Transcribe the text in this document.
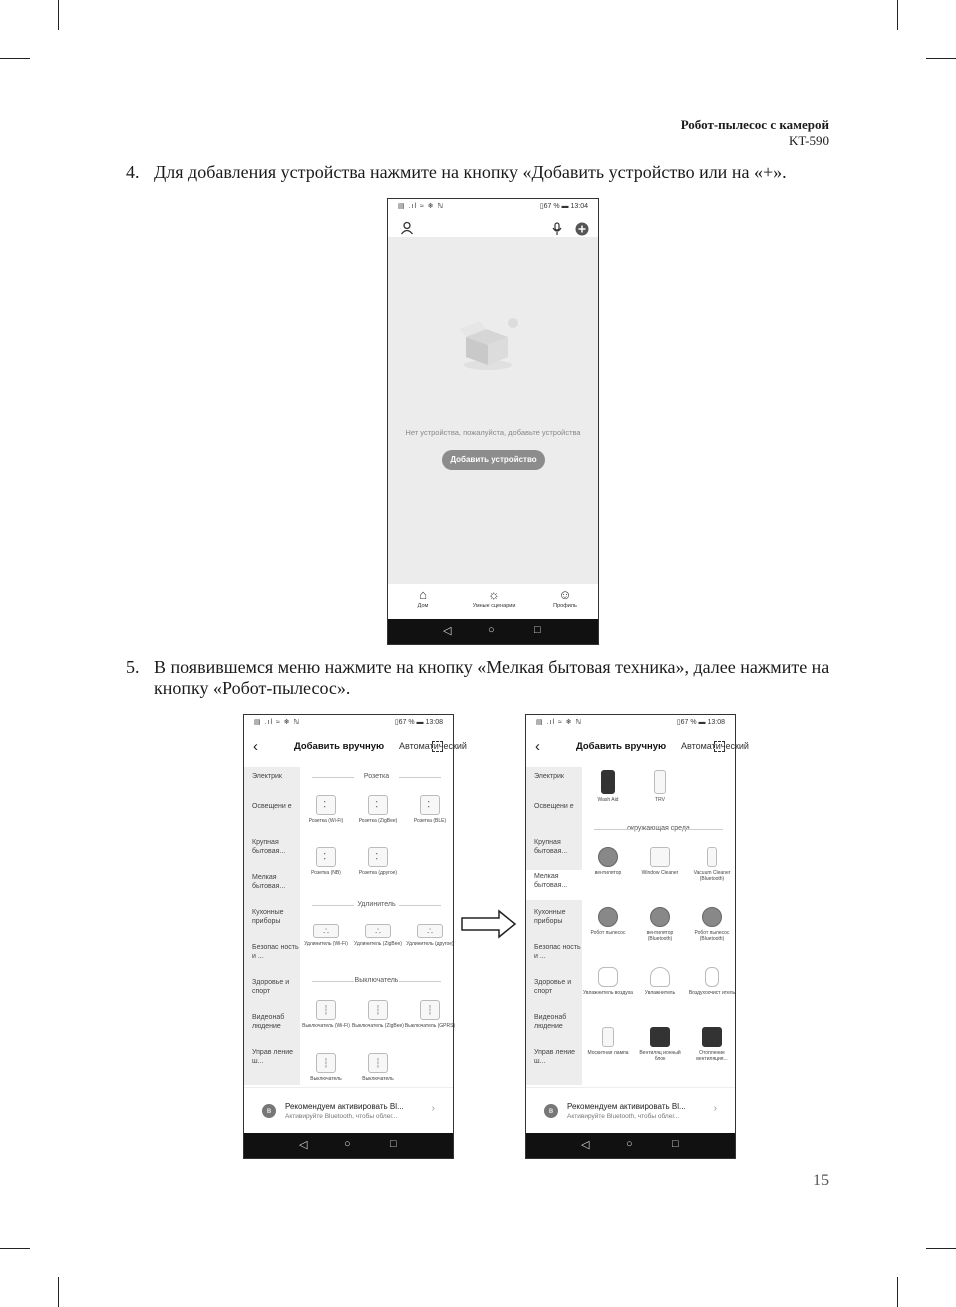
Робот-пылесос с камерой
KT-590
4. Для добавления устройства нажмите на кнопку «Добавить устройство или на «+».
▤ .ıl ≈ ❄ ℕ	▯67 % ▬ 13:04
Нет устройства, пожалуйста, добавьте устройства
Добавить устройство
⌂
Дом
☼
Умные сценарии
☺
Профиль
◁	○	□
5. В появившемся меню нажмите на кнопку «Мелкая бытовая техника», далее нажмите на кнопку «Робот-пылесос».
▤ .ıl ≈ ❄ ℕ	▯67 % ▬ 13:08
‹	Добавить вручную Автоматический
Электрик
Освещени е
Крупная бытовая...
Мелкая бытовая...
Кухонные приборы
Безопас ность и ...
Здоровье и спорт
Видеонаб людение
Управ ление ш...
Розетка
⠅
Розетка (Wi-Fi)
⠅
Розетка (ZigBee)
⠅
Розетка (BLE)
⠅
Розетка (NB)
⠅
Розетка (другое)
Удлинитель
∴
Удлинитель (Wi-Fi)
∴
Удлинитель (ZigBee)
∴
Удлинитель (другое)
Выключатель
┆
Выключатель (Wi-Fi)
┆
Выключатель (ZigBee)
┆
Выключатель (GPRS)
┆
Выключатель
┆
Выключатель
ʙ	Рекомендуем активировать Bl...
Активируйте Bluetooth, чтобы облег...
›
◁	○	□
▤ .ıl ≈ ❄ ℕ	▯67 % ▬ 13:08
‹	Добавить вручную Автоматический
Электрик
Освещени е
Крупная бытовая...
Мелкая бытовая...
Кухонные приборы
Безопас ность и ...
Здоровье и спорт
Видеонаб людение
Управ ление ш...
Wash Aid	TRV
окружающая среда
вентилятор	Window Cleaner	Vacuum Cleaner (Bluetooth)
Робот пылесос	вентилятор (Bluetooth)
Робот пылесос (Bluetooth)
Увлажнитель воздуха	Увлажнитель	Воздухоочист итель
Москитная лампа	Вентиляц ионный блок
Отопление вентиляция...
ʙ	Рекомендуем активировать Bl...
Активируйте Bluetooth, чтобы облег...
›
◁	○	□
15
